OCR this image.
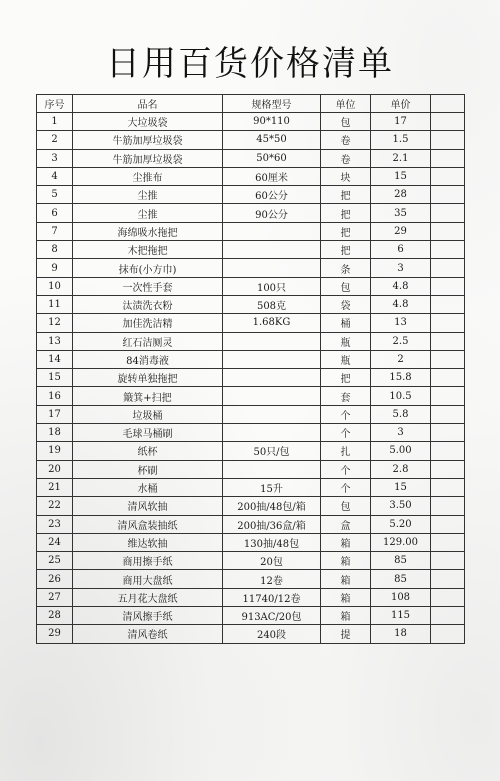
日用百货价格清单
序号	品名	规格型号	单位	单价	
1	大垃圾袋	90*110	包	17	
2	牛筋加厚垃圾袋	45*50	卷	1.5	
3	牛筋加厚垃圾袋	50*60	卷	2.1	
4	尘推布	60厘米	块	15	
5	尘推	60公分	把	28	
6	尘推	90公分	把	35	
7	海绵吸水拖把		把	29	
8	木把拖把		把	6	
9	抹布(小方巾)		条	3	
10	一次性手套	100只	包	4.8	
11	汰渍洗衣粉	508克	袋	4.8	
12	加佳洗洁精	1.68KG	桶	13	
13	红石洁厕灵		瓶	2.5	
14	84消毒液		瓶	2	
15	旋转单独拖把		把	15.8	
16	簸箕+扫把		套	10.5	
17	垃圾桶		个	5.8	
18	毛球马桶刷		个	3	
19	纸杯	50只/包	扎	5.00	
20	杯刷		个	2.8	
21	水桶	15升	个	15	
22	清风软抽	200抽/48包/箱	包	3.50	
23	清风盒装抽纸	200抽/36盒/箱	盒	5.20	
24	维达软抽	130抽/48包	箱	129.00	
25	商用擦手纸	20包	箱	85	
26	商用大盘纸	12卷	箱	85	
27	五月花大盘纸	11740/12卷	箱	108	
28	清风擦手纸	913AC/20包	箱	115	
29	清风卷纸	240段	提	18	
